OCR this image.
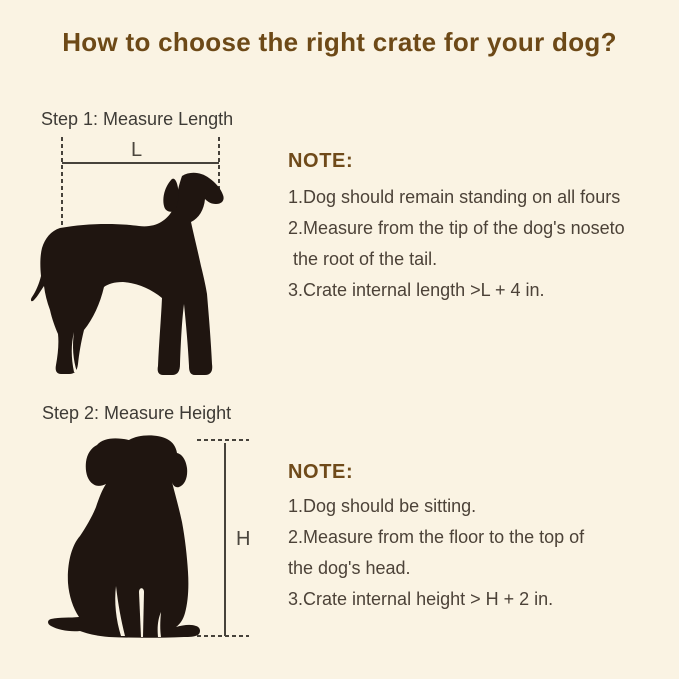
How to choose the right crate for your dog?
Step 1: Measure Length
L	NOTE:
1.Dog should remain standing on all fours
2.Measure from the tip of the dog's noseto
the root of the tail.
3.Crate internal length >L + 4 in.
Step 2: Measure Height
H
NOTE:
1.Dog should be sitting.
2.Measure from the floor to the top of
the dog's head.
3.Crate internal height > H + 2 in.
